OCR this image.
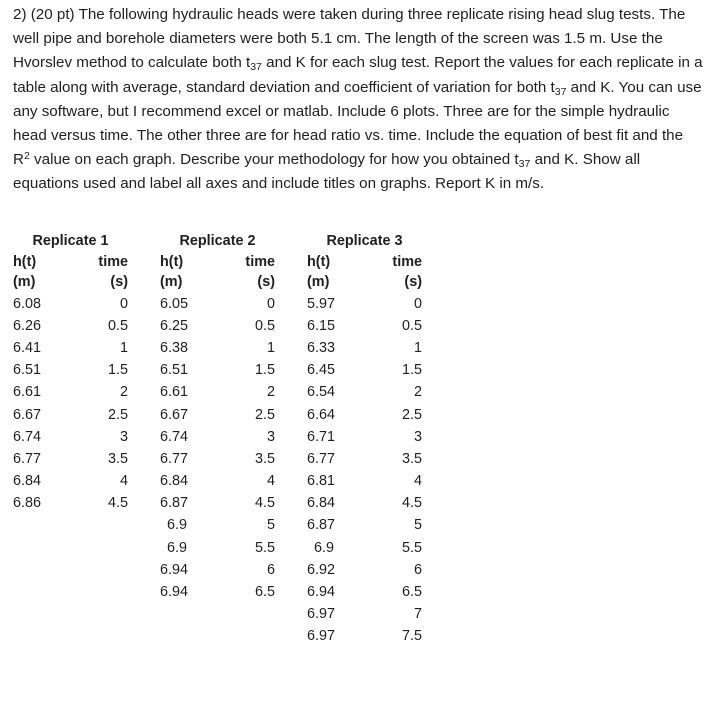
2) (20 pt) The following hydraulic heads were taken during three replicate rising head slug tests. The well pipe and borehole diameters were both 5.1 cm. The length of the screen was 1.5 m. Use the Hvorslev method to calculate both $t_{37}$ and K for each slug test. Report the values for each replicate in a table along with average, standard deviation and coefficient of variation for both $t_{37}$ and K. You can use any software, but I recommend excel or matlab. Include 6 plots. Three are for the simple hydraulic head versus time. The other three are for head ratio vs. time. Include the equation of best fit and the $R^2$ value on each graph. Describe your methodology for how you obtained $t_{37}$ and K. Show all equations used and label all axes and include titles on graphs. Report K in m/s.

Replicate 1			Replicate 2			Replicate 3	
h(t)	time		h(t)	time		h(t)	time
(m)	(s)		(m)	(s)		(m)	(s)
6.08	0		6.05	0		5.97	0
6.26	0.5		6.25	0.5		6.15	0.5
6.41	1		6.38	1		6.33	1
6.51	1.5		6.51	1.5		6.45	1.5
6.61	2		6.61	2		6.54	2
6.67	2.5		6.67	2.5		6.64	2.5
6.74	3		6.74	3		6.71	3
6.77	3.5		6.77	3.5		6.77	3.5
6.84	4		6.84	4		6.81	4
6.86	4.5		6.87	4.5		6.84	4.5
			6.9	5		6.87	5
			6.9	5.5		6.9	5.5
			6.94	6		6.92	6
			6.94	6.5		6.94	6.5
						6.97	7
						6.97	7.5
